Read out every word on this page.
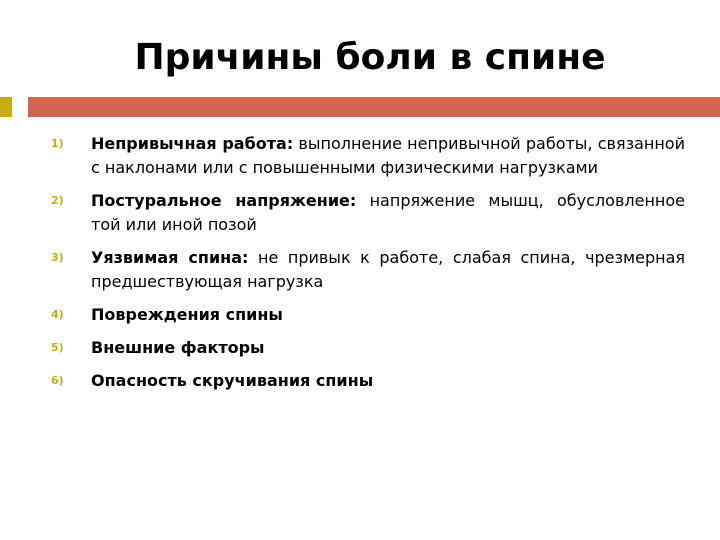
Причины боли в спине
1) Непривычная работа: выполнение непривычной работы, связанной с наклонами или с повышенными физическими нагрузками
2) Постуральное напряжение: напряжение мышц, обусловленное той или иной позой
3) Уязвимая спина: не привык к работе, слабая спина, чрезмерная предшествующая нагрузка
4) Повреждения спины
5) Внешние факторы
6) Опасность скручивания спины
